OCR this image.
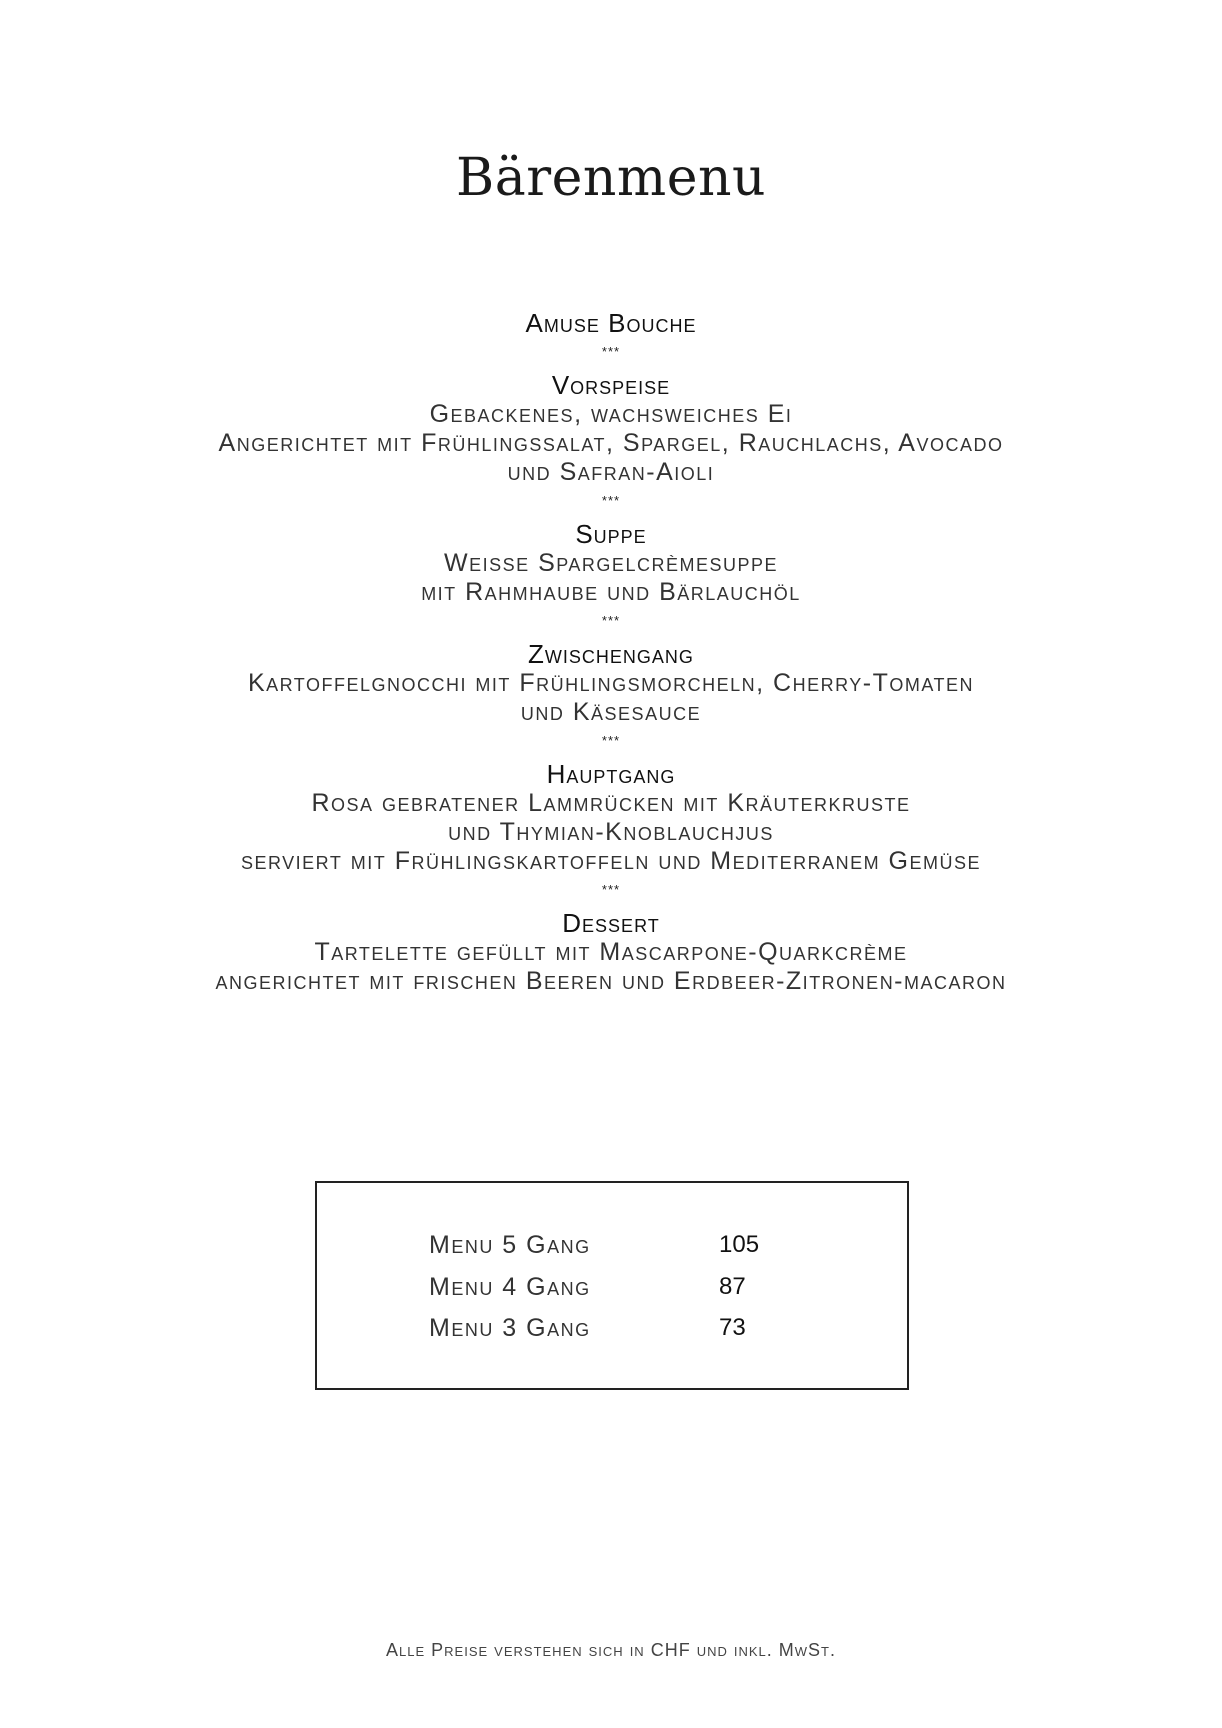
Bärenmenu
Amuse Bouche
***
Vorspeise
Gebackenes, wachsweiches Ei
Angerichtet mit Frühlingssalat, Spargel, Rauchlachs, Avocado
und Safran-Aioli
***
Suppe
Weisse Spargelcrèmesuppe
mit Rahmhaube und Bärlauchöl
***
Zwischengang
Kartoffelgnocchi mit Frühlingsmorcheln, Cherry-Tomaten
und Käsesauce
***
Hauptgang
Rosa gebratener Lammrücken mit Kräuterkruste
und Thymian-Knoblauchjus
serviert mit Frühlingskartoffeln und Mediterranem Gemüse
***
Dessert
Tartelette gefüllt mit Mascarpone-Quarkcrème
angerichtet mit frischen Beeren und Erdbeer-Zitronen-macaron
Menu 5 Gang	105
Menu 4 Gang	87
Menu 3 Gang	73
Alle Preise verstehen sich in CHF und inkl. MwSt.
